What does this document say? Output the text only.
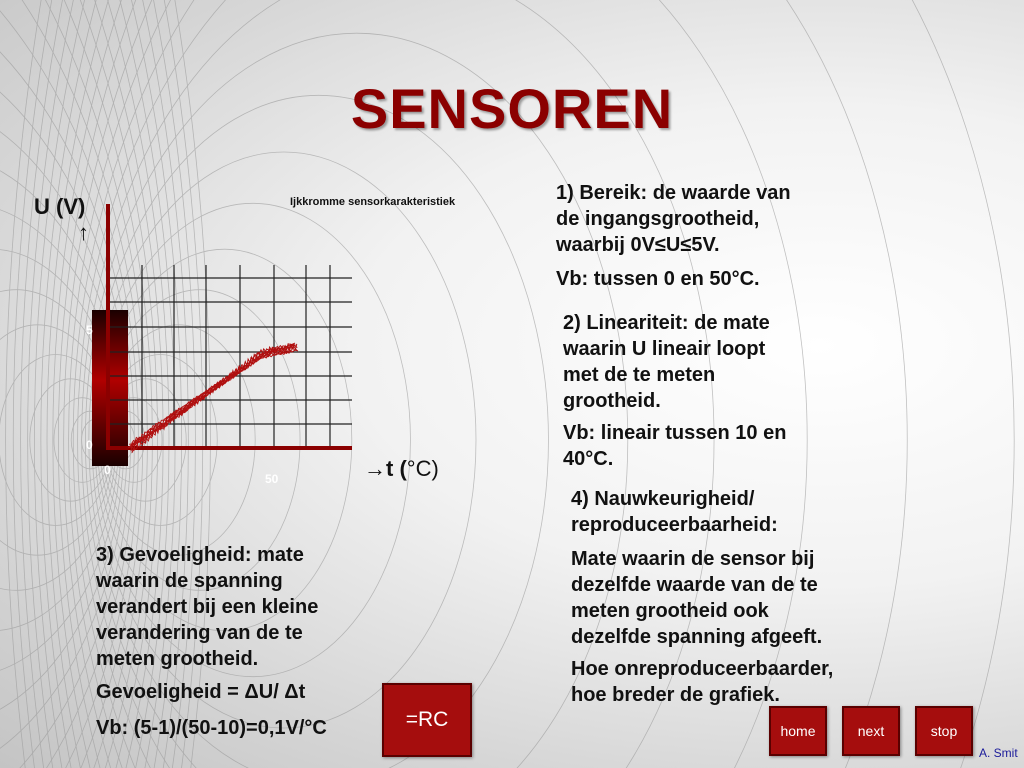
SENSOREN
U (V)
↑
Ijkkromme sensorkarakteristiek
5
0
0
50	→t (°C)
1) Bereik: de waarde van
de ingangsgrootheid,
waarbij 0V≤U≤5V.
Vb: tussen 0 en 50°C.
2) Lineariteit: de mate
waarin U lineair loopt
met de te meten
grootheid.
Vb: lineair tussen 10 en
40°C.
3) Gevoeligheid: mate
waarin de spanning
verandert bij een kleine
verandering van de te
meten grootheid.
Gevoeligheid = ΔU/ Δt
Vb: (5-1)/(50-10)=0,1V/°C
4) Nauwkeurigheid/
reproduceerbaarheid:
Mate waarin de sensor bij
dezelfde waarde van de te
meten grootheid ook
dezelfde spanning afgeeft.
Hoe onreproduceerbaarder,
hoe breder de grafiek.
=RC	home	next	stop
A. Smit
